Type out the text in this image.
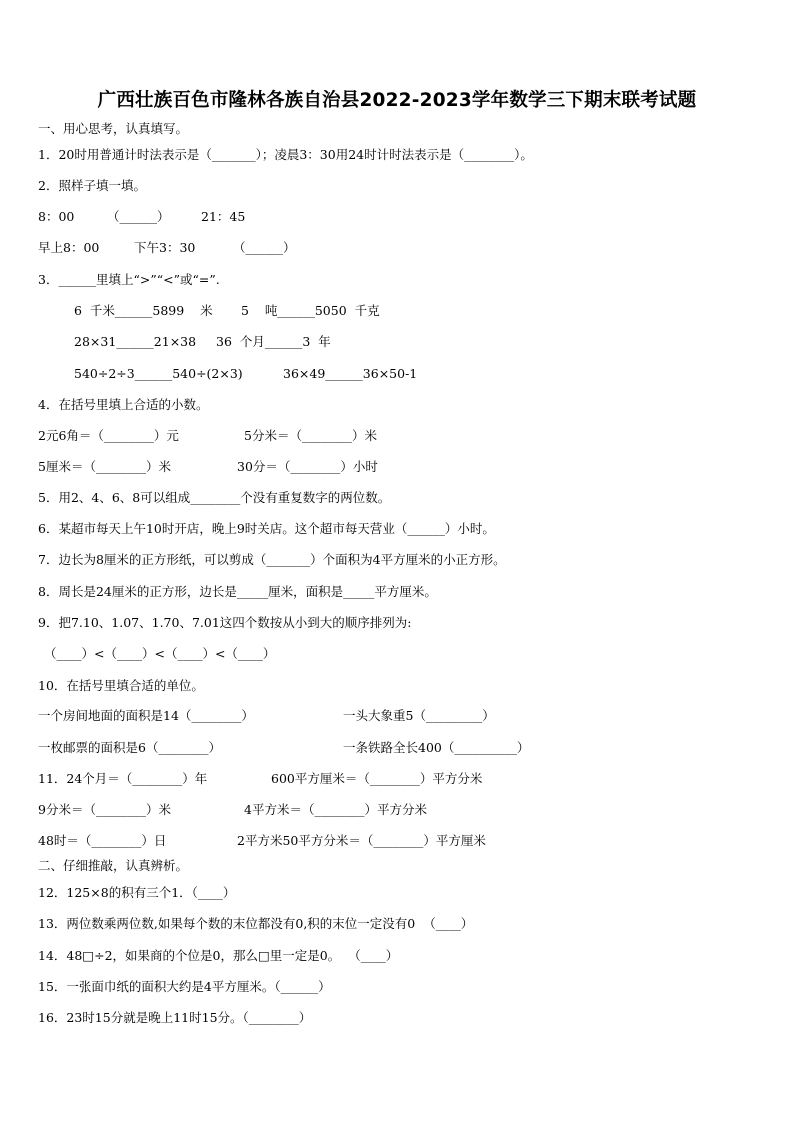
广西壮族百色市隆林各族自治县2022-2023学年数学三下期末联考试题
一、用心思考，认真填写。
1．20时用普通计时法表示是（_______）；凌晨3：30用24时计时法表示是（________）。
2．照样子填一填。
8：00	（______）	21：45
早上8：00	下午3：30	（______）
3．______里填上“>”“<”或“=”.
6  千米______5899    米 5    吨______5050  千克
28×31______21×38 36  个月______3  年
540÷2÷3______540÷(2×3)	36×49______36×50-1
4．在括号里填上合适的小数。
2元6角＝（________）元	5分米＝（________）米
5厘米＝（________）米	30分＝（________）小时
5．用2、4、6、8可以组成________个没有重复数字的两位数。
6．某超市每天上午10时开店，晚上9时关店。这个超市每天营业（______）小时。
7．边长为8厘米的正方形纸，可以剪成（_______）个面积为4平方厘米的小正方形。
8．周长是24厘米的正方形，边长是_____厘米，面积是_____平方厘米。
9．把7.10、1.07、1.70、7.01这四个数按从小到大的顺序排列为:
（____）<（____）<（____）<（____）
10．在括号里填合适的单位。
一个房间地面的面积是14（________）	一头大象重5（_________）
一枚邮票的面积是6（________）	一条铁路全长400（__________）
11．24个月＝（________）年	600平方厘米＝（________）平方分米
9分米＝（________）米	4平方米＝（________）平方分米
48时＝（________）日	2平方米50平方分米＝（________）平方厘米
二、仔细推敲，认真辨析。
12．125×8的积有三个1．（____）
13．两位数乘两位数,如果每个数的末位都没有0,积的末位一定没有0  （____）
14．48□÷2，如果商的个位是0，那么□里一定是0。  （____）
15．一张面巾纸的面积大约是4平方厘米。（______）
16．23时15分就是晚上11时15分。（________）
